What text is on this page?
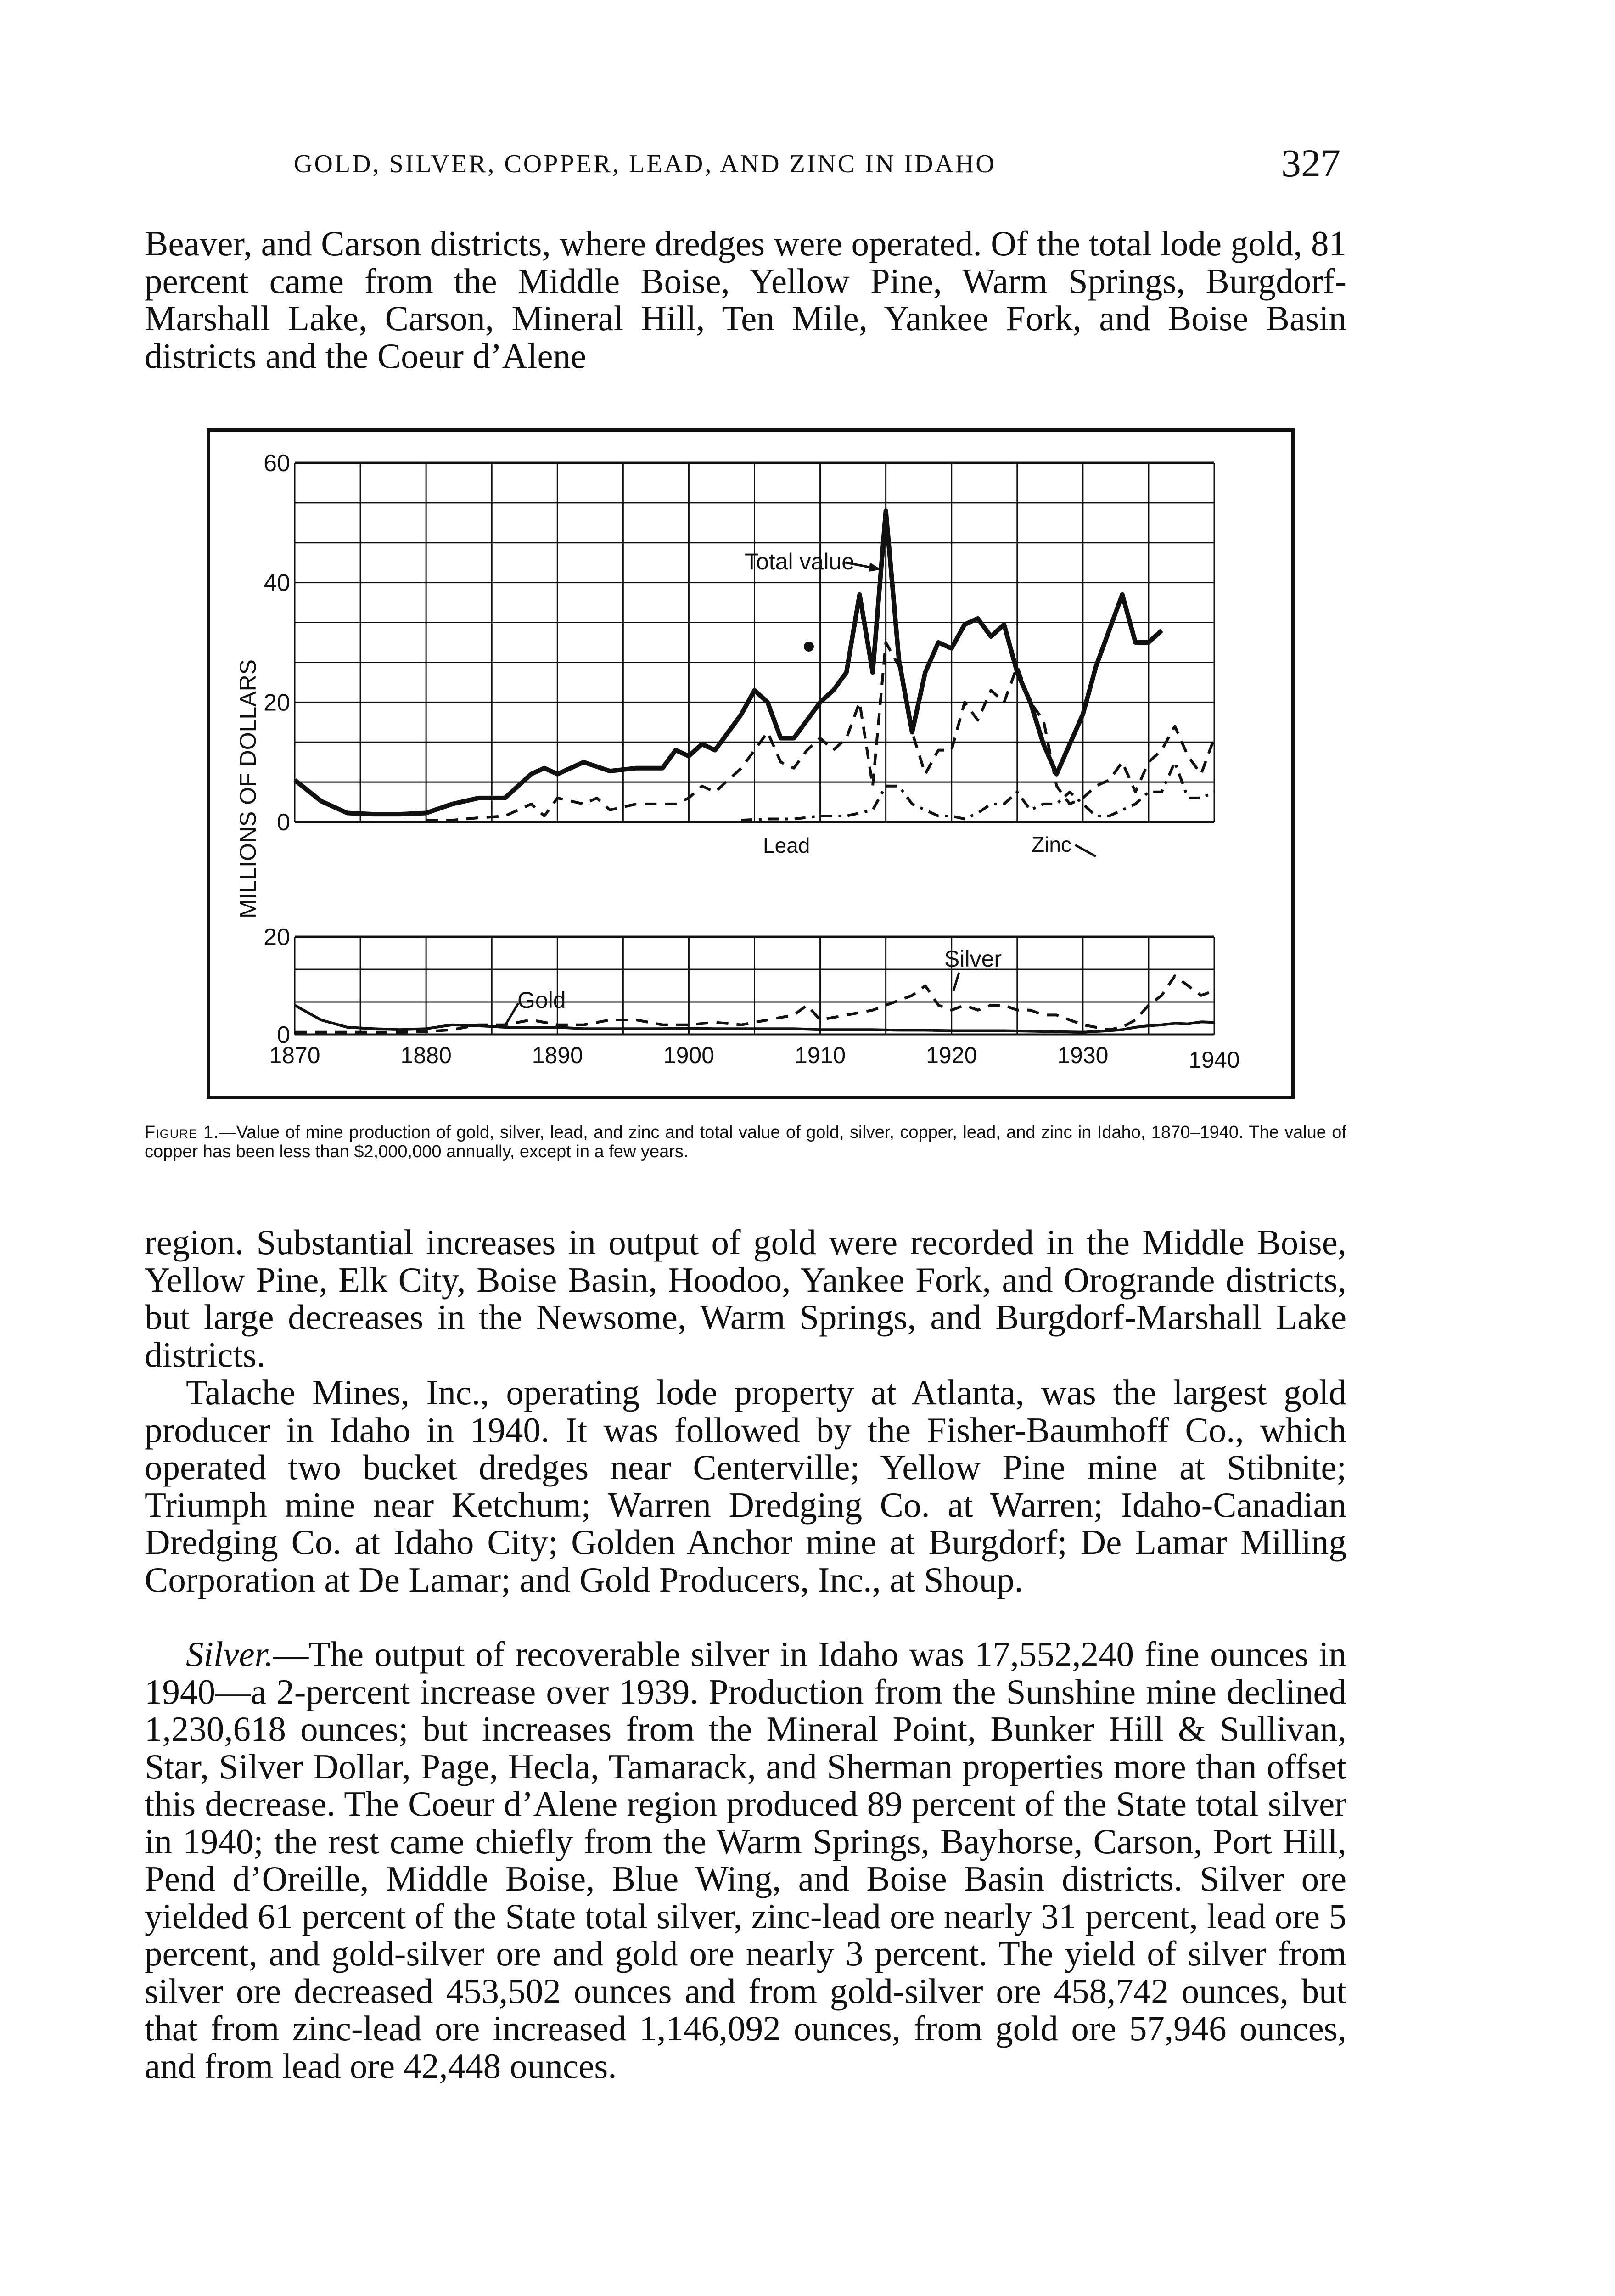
GOLD, SILVER, COPPER, LEAD, AND ZINC IN IDAHO	327

Beaver, and Carson districts, where dredges were operated. Of the total lode gold, 81 percent came from the Middle Boise, Yellow Pine, Warm Springs, Burgdorf-Marshall Lake, Carson, Mineral Hill, Ten Mile, Yankee Fork, and Boise Basin districts and the Coeur d’Alene

0
20
40
60
0
20
1870	1880	1890	1900	1910	1920	1930	1940
MILLIONS OF DOLLARS
Total value
Lead	Zinc
Silver
Gold
Figure 1.—Value of mine production of gold, silver, lead, and zinc and total value of gold, silver, copper, lead, and zinc in Idaho, 1870–1940. The value of copper has been less than $2,000,000 annually, except in a few years.

region. Substantial increases in output of gold were recorded in the Middle Boise, Yellow Pine, Elk City, Boise Basin, Hoodoo, Yankee Fork, and Orogrande districts, but large decreases in the Newsome, Warm Springs, and Burgdorf-Marshall Lake districts.

Talache Mines, Inc., operating lode property at Atlanta, was the largest gold producer in Idaho in 1940. It was followed by the Fisher-Baumhoff Co., which operated two bucket dredges near Centerville; Yellow Pine mine at Stibnite; Triumph mine near Ketchum; Warren Dredging Co. at Warren; Idaho-Canadian Dredging Co. at Idaho City; Golden Anchor mine at Burgdorf; De Lamar Milling Corporation at De Lamar; and Gold Producers, Inc., at Shoup.

Silver.—The output of recoverable silver in Idaho was 17,552,240 fine ounces in 1940—a 2-percent increase over 1939. Production from the Sunshine mine declined 1,230,618 ounces; but increases from the Mineral Point, Bunker Hill & Sullivan, Star, Silver Dollar, Page, Hecla, Tamarack, and Sherman properties more than offset this decrease. The Coeur d’Alene region produced 89 percent of the State total silver in 1940; the rest came chiefly from the Warm Springs, Bayhorse, Carson, Port Hill, Pend d’Oreille, Middle Boise, Blue Wing, and Boise Basin districts. Silver ore yielded 61 percent of the State total silver, zinc-lead ore nearly 31 percent, lead ore 5 percent, and gold-silver ore and gold ore nearly 3 percent. The yield of silver from silver ore decreased 453,502 ounces and from gold-silver ore 458,742 ounces, but that from zinc-lead ore increased 1,146,092 ounces, from gold ore 57,946 ounces, and from lead ore 42,448 ounces.
